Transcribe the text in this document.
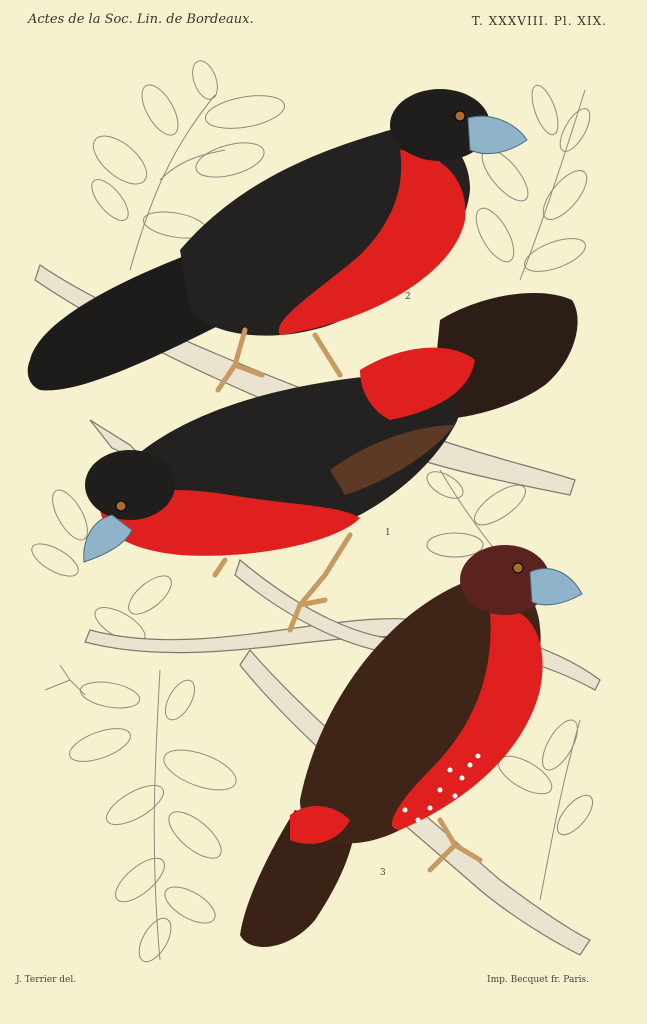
Actes de la Soc. Lin. de Bordeaux.	T. XXXVIII. Pl. XIX.
2
1
3
J. Terrier del.	Imp. Becquet fr. Paris.
